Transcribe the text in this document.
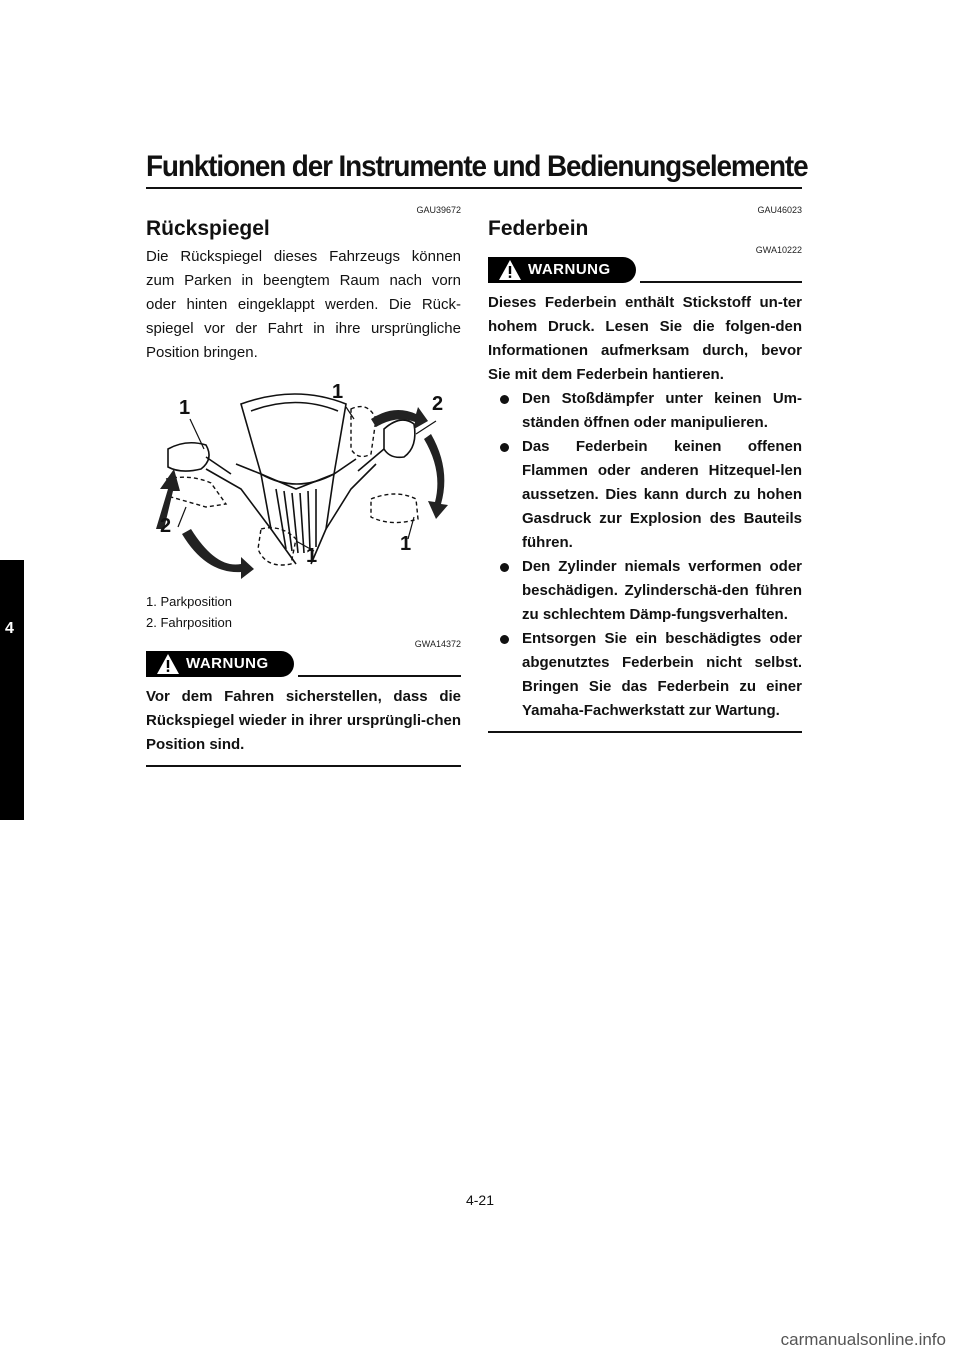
Funktionen der Instrumente und Bedienungselemente
4

GAU39672

Rückspiegel

Die Rückspiegel dieses Fahrzeugs können zum Parken in beengtem Raum nach vorn oder hinten eingeklappt werden. Die Rück-spiegel vor der Fahrt in ihre ursprüngliche Position bringen.

1
1
2
2
1
1
1. Parkposition
2. Fahrposition

GWA14372

WARNUNG

Vor dem Fahren sicherstellen, dass die Rückspiegel wieder in ihrer ursprüngli-chen Position sind.

GAU46023

Federbein

GWA10222

WARNUNG

Dieses Federbein enthält Stickstoff un-ter hohem Druck. Lesen Sie die folgen-den Informationen aufmerksam durch, bevor Sie mit dem Federbein hantieren.

Den Stoßdämpfer unter keinen Um-ständen öffnen oder manipulieren.
Das Federbein keinen offenen Flammen oder anderen Hitzequel-len aussetzen. Dies kann durch zu hohen Gasdruck zur Explosion des Bauteils führen.
Den Zylinder niemals verformen oder beschädigen. Zylinderschä-den führen zu schlechtem Dämp-fungsverhalten.
Entsorgen Sie ein beschädigtes oder abgenutztes Federbein nicht selbst. Bringen Sie das Federbein zu einer Yamaha-Fachwerkstatt zur Wartung.
4-21
carmanualsonline.info
